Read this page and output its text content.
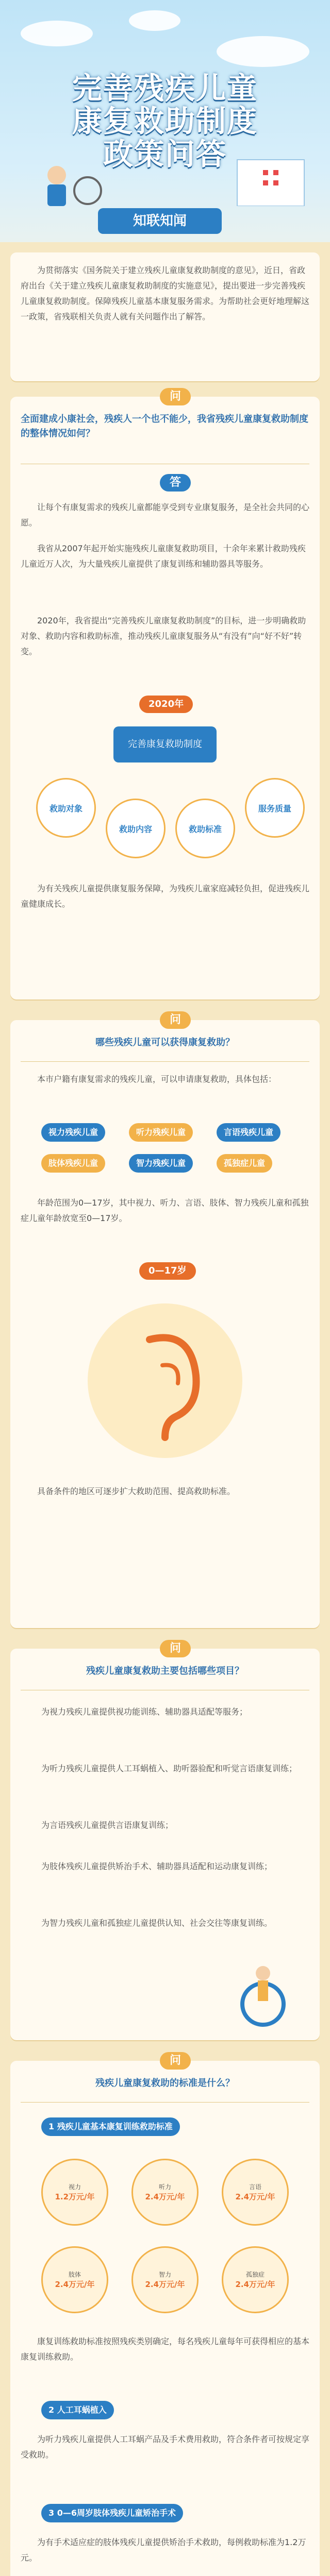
完善残疾儿童
康复救助制度
政策问答
知联知闻
为贯彻落实《国务院关于建立残疾儿童康复救助制度的意见》，近日，省政府出台《关于建立残疾儿童康复救助制度的实施意见》，提出要进一步完善残疾儿童康复救助制度。保障残疾儿童基本康复服务需求。为帮助社会更好地理解这一政策，省残联相关负责人就有关问题作出了解答。
问
全面建成小康社会，残疾人一个也不能少，我省残疾儿童康复救助制度的整体情况如何？
答
让每个有康复需求的残疾儿童都能享受到专业康复服务，是全社会共同的心愿。
我省从2007年起开始实施残疾儿童康复救助项目，十余年来累计救助残疾儿童近万人次，为大量残疾儿童提供了康复训练和辅助器具等服务。
2020年，我省提出“完善残疾儿童康复救助制度”的目标，进一步明确救助对象、救助内容和救助标准，推动残疾儿童康复服务从“有没有”向“好不好”转变。
2020年
完善康复救助制度
救助对象
救助内容	救助标准
服务质量
为有关残疾儿童提供康复服务保障，为残疾儿童家庭减轻负担，促进残疾儿童健康成长。
问
哪些残疾儿童可以获得康复救助？
本市户籍有康复需求的残疾儿童，可以申请康复救助，具体包括：
视力残疾儿童	听力残疾儿童	言语残疾儿童
肢体残疾儿童	智力残疾儿童	孤独症儿童
年龄范围为0—17岁，其中视力、听力、言语、肢体、智力残疾儿童和孤独症儿童年龄放宽至0—17岁。
0—17岁
具备条件的地区可逐步扩大救助范围、提高救助标准。
问
残疾儿童康复救助主要包括哪些项目？
为视力残疾儿童提供视功能训练、辅助器具适配等服务；
为听力残疾儿童提供人工耳蜗植入、助听器验配和听觉言语康复训练；
为言语残疾儿童提供言语康复训练；
为肢体残疾儿童提供矫治手术、辅助器具适配和运动康复训练；
为智力残疾儿童和孤独症儿童提供认知、社会交往等康复训练。
问
残疾儿童康复救助的标准是什么？
1 残疾儿童基本康复训练救助标准
视力
1.2万元/年
听力
2.4万元/年
言语
2.4万元/年
肢体
2.4万元/年
智力
2.4万元/年
孤独症
2.4万元/年
康复训练救助标准按照残疾类别确定，每名残疾儿童每年可获得相应的基本康复训练救助。
2 人工耳蜗植入
为听力残疾儿童提供人工耳蜗产品及手术费用救助，符合条件者可按规定享受救助。
3 0—6周岁肢体残疾儿童矫治手术
为有手术适应症的肢体残疾儿童提供矫治手术救助，每例救助标准为1.2万元。
